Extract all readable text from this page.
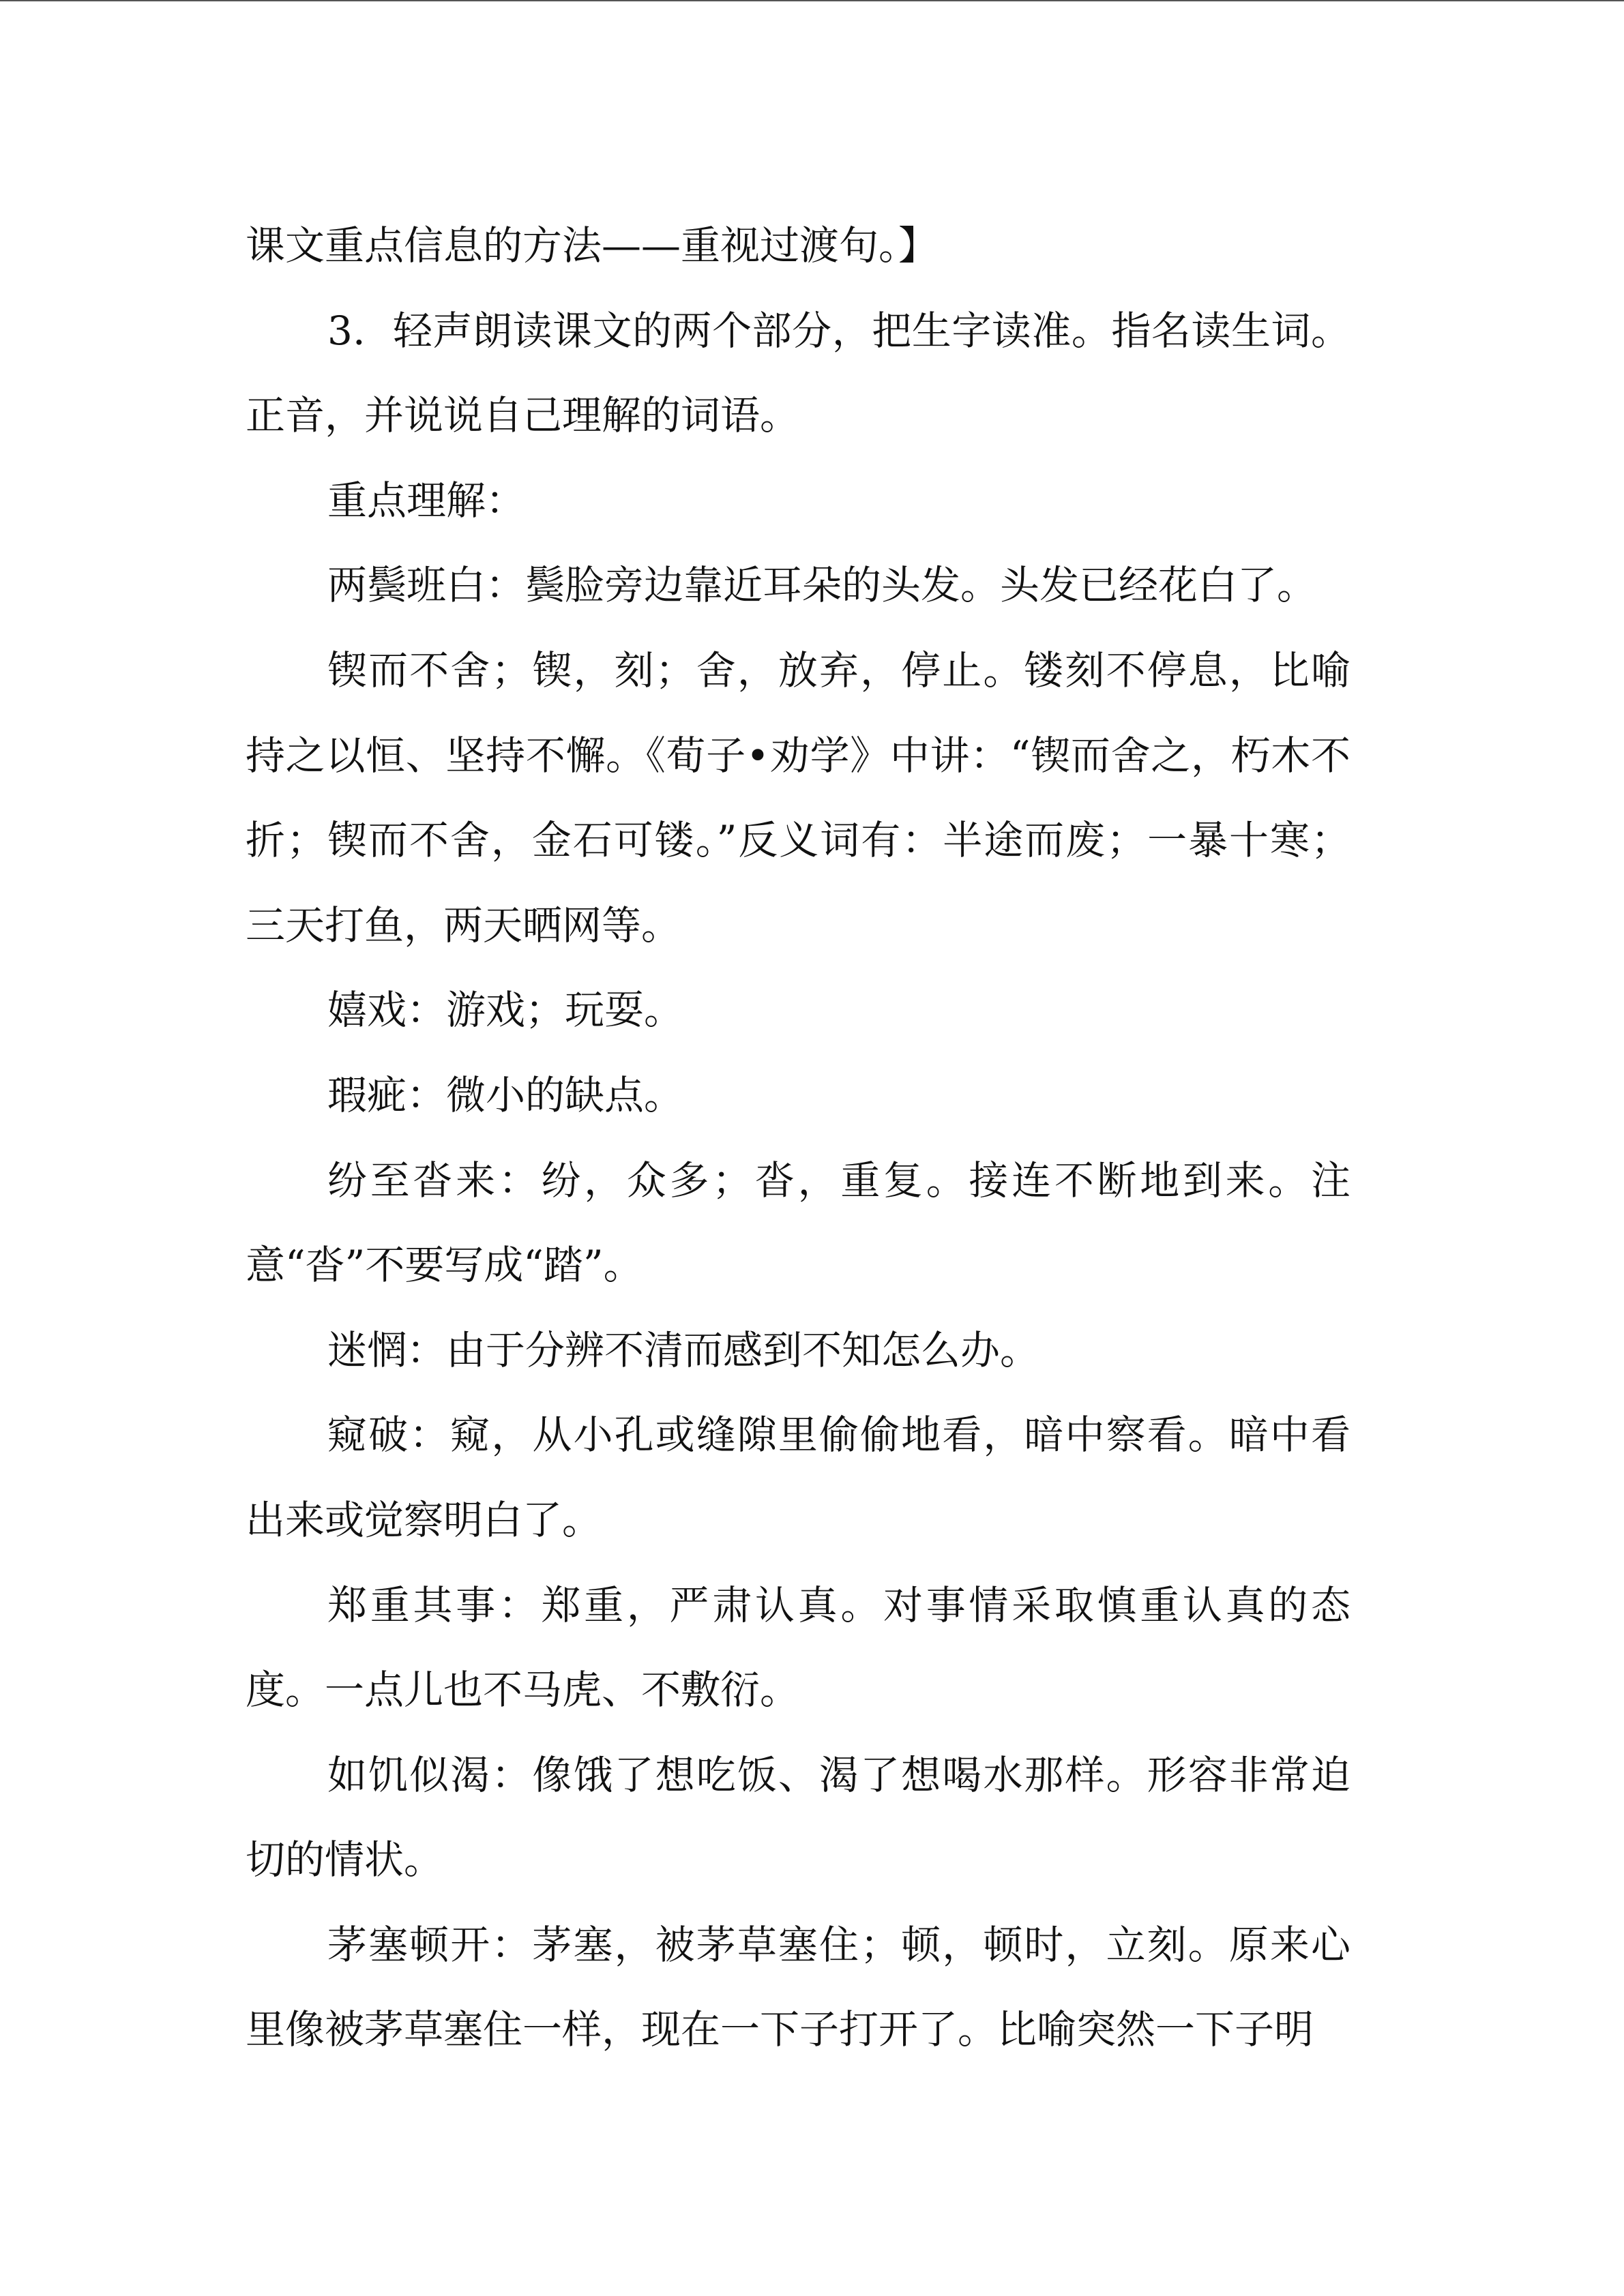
课文重点信息的方法——重视过渡句。】

3．轻声朗读课文的两个部分，把生字读准。指名读生词。正音，并说说自己理解的词语。

重点理解：

两鬓班白：鬓脸旁边靠近耳朵的头发。头发已经花白了。

锲而不舍；锲，刻；舍，放弃，停止。镂刻不停息，比喻持之以恒、坚持不懈。《荀子•劝学》中讲：“锲而舍之，朽木不折；锲而不舍，金石可镂。”反义词有：半途而废；一暴十寒；三天打鱼，两天晒网等。

嬉戏：游戏；玩耍。

瑕疵：微小的缺点。

纷至沓来：纷，众多；沓，重复。接连不断地到来。注意“沓”不要写成“踏”。

迷惘：由于分辨不清而感到不知怎么办。

窥破：窥，从小孔或缝隙里偷偷地看，暗中察看。暗中看出来或觉察明白了。

郑重其事：郑重，严肃认真。对事情采取慎重认真的态度。一点儿也不马虎、不敷衍。

如饥似渴：像饿了想吃饭、渴了想喝水那样。形容非常迫切的情状。

茅塞顿开：茅塞，被茅草塞住；顿，顿时，立刻。原来心里像被茅草塞住一样，现在一下子打开了。比喻突然一下子明
